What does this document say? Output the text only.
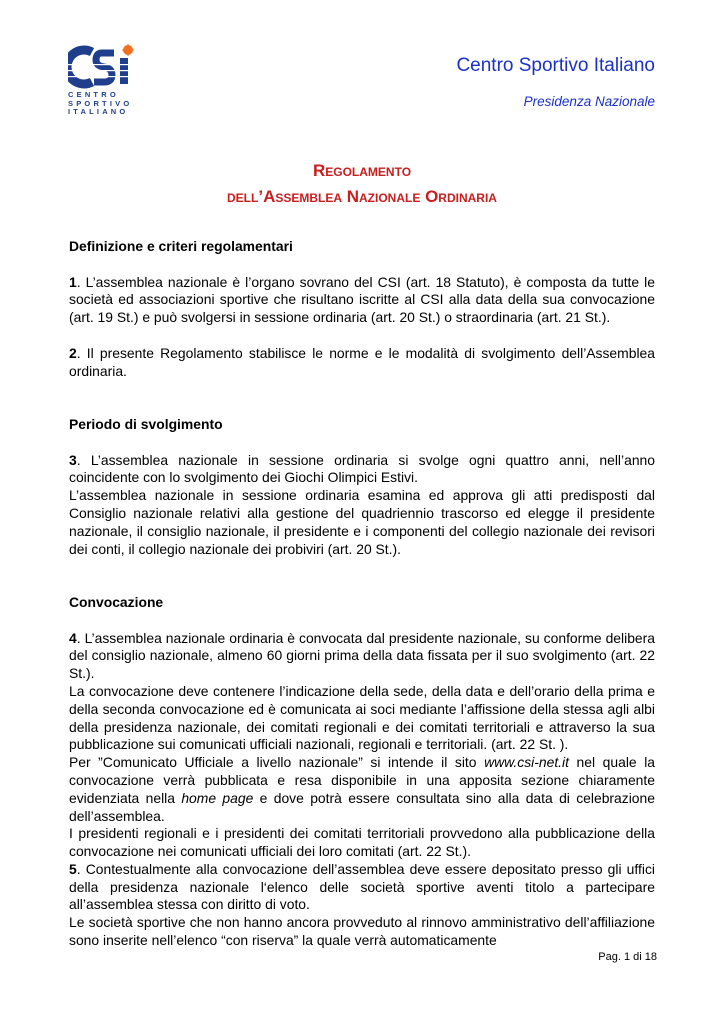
CENTRO
SPORTIVO
ITALIANO
Centro Sportivo Italiano
Presidenza Nazionale
Regolamento
dell’Assemblea Nazionale Ordinaria
Definizione e criteri regolamentari

1. L’assemblea nazionale è l’organo sovrano del CSI (art. 18 Statuto), è composta da tutte le società ed associazioni sportive che risultano iscritte al CSI alla data della sua convocazione (art. 19 St.) e può svolgersi in sessione ordinaria (art. 20 St.) o straordinaria (art. 21 St.).

2. Il presente Regolamento stabilisce le norme e le modalità di svolgimento dell’Assemblea ordinaria.

Periodo di svolgimento

3. L’assemblea nazionale in sessione ordinaria si svolge ogni quattro anni, nell’anno coincidente con lo svolgimento dei Giochi Olimpici Estivi.

L’assemblea nazionale in sessione ordinaria esamina ed approva gli atti predisposti dal Consiglio nazionale relativi alla gestione del quadriennio trascorso ed elegge il presidente nazionale, il consiglio nazionale, il presidente e i componenti del collegio nazionale dei revisori dei conti, il collegio nazionale dei probiviri (art. 20 St.).

Convocazione

4. L’assemblea nazionale ordinaria è convocata dal presidente nazionale, su conforme delibera del consiglio nazionale, almeno 60 giorni prima della data fissata per il suo svolgimento (art. 22 St.).

La convocazione deve contenere l’indicazione della sede, della data e dell’orario della prima e della seconda convocazione ed è comunicata ai soci mediante l’affissione della stessa agli albi della presidenza nazionale, dei comitati regionali e dei comitati territoriali e attraverso la sua pubblicazione sui comunicati ufficiali nazionali, regionali e territoriali. (art. 22 St. ).

Per ”Comunicato Ufficiale a livello nazionale” si intende il sito www.csi-net.it nel quale la convocazione verrà pubblicata e resa disponibile in una apposita sezione chiaramente evidenziata nella home page e dove potrà essere consultata sino alla data di celebrazione dell’assemblea.

I presidenti regionali e i presidenti dei comitati territoriali provvedono alla pubblicazione della convocazione nei comunicati ufficiali dei loro comitati (art. 22 St.).

5. Contestualmente alla convocazione dell’assemblea deve essere depositato presso gli uffici della presidenza nazionale l‘elenco delle società sportive aventi titolo a partecipare all’assemblea stessa con diritto di voto.

Le società sportive che non hanno ancora provveduto al rinnovo amministrativo dell’affiliazione sono inserite nell’elenco “con riserva” la quale verrà automaticamente

Pag. 1 di 18
